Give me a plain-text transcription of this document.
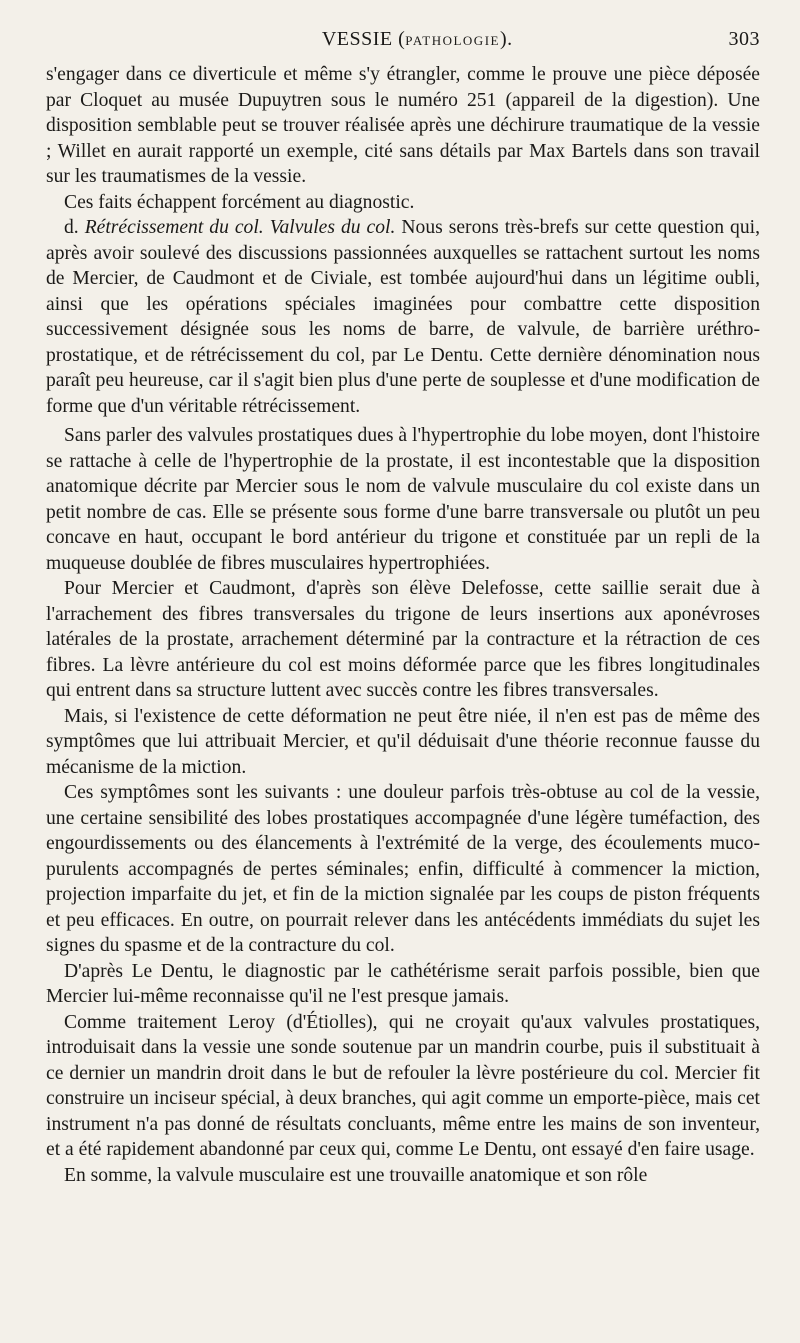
VESSIE (PATHOLOGIE).	303

s'engager dans ce diverticule et même s'y étrangler, comme le prouve une pièce déposée par Cloquet au musée Dupuytren sous le numéro 251 (appareil de la digestion). Une disposition semblable peut se trouver réalisée après une déchirure traumatique de la vessie ; Willet en aurait rapporté un exemple, cité sans détails par Max Bartels dans son travail sur les traumatismes de la vessie.

Ces faits échappent forcément au diagnostic.

d. Rétrécissement du col. Valvules du col. Nous serons très-brefs sur cette question qui, après avoir soulevé des discussions passionnées auxquelles se rattachent surtout les noms de Mercier, de Caudmont et de Civiale, est tombée aujourd'hui dans un légitime oubli, ainsi que les opérations spéciales imaginées pour combattre cette disposition successivement désignée sous les noms de barre, de valvule, de barrière uréthro-prostatique, et de rétrécissement du col, par Le Dentu. Cette dernière dénomination nous paraît peu heureuse, car il s'agit bien plus d'une perte de souplesse et d'une modification de forme que d'un véritable rétrécissement.

Sans parler des valvules prostatiques dues à l'hypertrophie du lobe moyen, dont l'histoire se rattache à celle de l'hypertrophie de la prostate, il est incontestable que la disposition anatomique décrite par Mercier sous le nom de valvule musculaire du col existe dans un petit nombre de cas. Elle se présente sous forme d'une barre transversale ou plutôt un peu concave en haut, occupant le bord antérieur du trigone et constituée par un repli de la muqueuse doublée de fibres musculaires hypertrophiées.

Pour Mercier et Caudmont, d'après son élève Delefosse, cette saillie serait due à l'arrachement des fibres transversales du trigone de leurs insertions aux aponévroses latérales de la prostate, arrachement déterminé par la contracture et la rétraction de ces fibres. La lèvre antérieure du col est moins déformée parce que les fibres longitudinales qui entrent dans sa structure luttent avec succès contre les fibres transversales.

Mais, si l'existence de cette déformation ne peut être niée, il n'en est pas de même des symptômes que lui attribuait Mercier, et qu'il déduisait d'une théorie reconnue fausse du mécanisme de la miction.

Ces symptômes sont les suivants : une douleur parfois très-obtuse au col de la vessie, une certaine sensibilité des lobes prostatiques accompagnée d'une légère tuméfaction, des engourdissements ou des élancements à l'extrémité de la verge, des écoulements muco-purulents accompagnés de pertes séminales; enfin, difficulté à commencer la miction, projection imparfaite du jet, et fin de la miction signalée par les coups de piston fréquents et peu efficaces. En outre, on pourrait relever dans les antécédents immédiats du sujet les signes du spasme et de la contracture du col.

D'après Le Dentu, le diagnostic par le cathétérisme serait parfois possible, bien que Mercier lui-même reconnaisse qu'il ne l'est presque jamais.

Comme traitement Leroy (d'Étiolles), qui ne croyait qu'aux valvules prostatiques, introduisait dans la vessie une sonde soutenue par un mandrin courbe, puis il substituait à ce dernier un mandrin droit dans le but de refouler la lèvre postérieure du col. Mercier fit construire un inciseur spécial, à deux branches, qui agit comme un emporte-pièce, mais cet instrument n'a pas donné de résultats concluants, même entre les mains de son inventeur, et a été rapidement abandonné par ceux qui, comme Le Dentu, ont essayé d'en faire usage.

En somme, la valvule musculaire est une trouvaille anatomique et son rôle
